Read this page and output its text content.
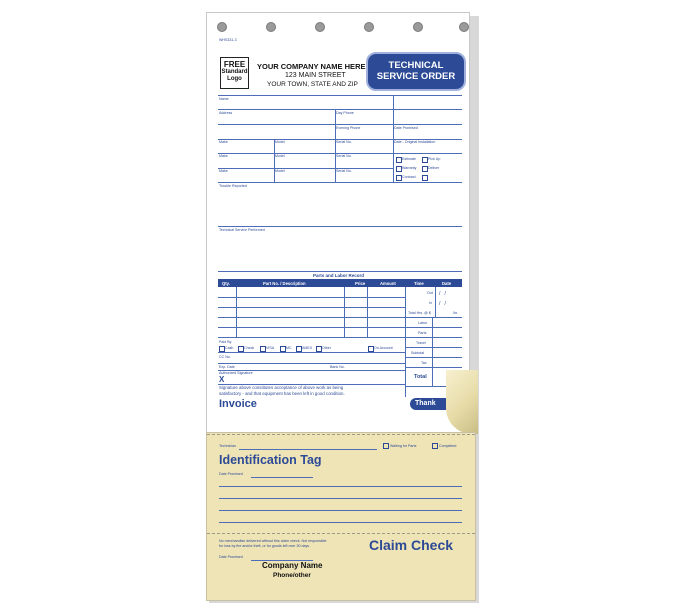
WHS331-3
FREE
Standard
Logo
YOUR COMPANY NAME HERE
123 MAIN STREET
YOUR TOWN, STATE AND ZIP
TECHNICAL
SERVICE ORDER
Name
Address	Day Phone
Evening Phone	Date Promised
Make	Model	Serial No.	Date - Original Installation
Make	Model	Serial No.
Make	Model	Serial No.
Estimate	Pick Up
Warranty	Deliver
Contract
Trouble Reported
Technical Service Performed
Parts and Labor Record
Qty.	Part No. / Description	Price	Amount	Time	Date
Out /   /
In /   /
Total Hrs. @ $	/hr.
Labor
Parts
Travel
Subtotal
Tax
Total
Paid By
Cash	Check	VISA	MC	AMEX	Other	On Account
CC No.
Exp. Date	Bank No.
Authorized Signature
X
Signature above constitutes acceptance of above work as being
satisfactory - and that equipment has been left in good condition.
Invoice	Thank
Technician	Waiting for Parts	Completed
Identification Tag
Date Promised
No merchandise delivered without this claim check. Not responsible
for loss by fire and/or theft, or for goods left over 30 days.	Claim Check
Date Promised
Company Name
Phone/other
